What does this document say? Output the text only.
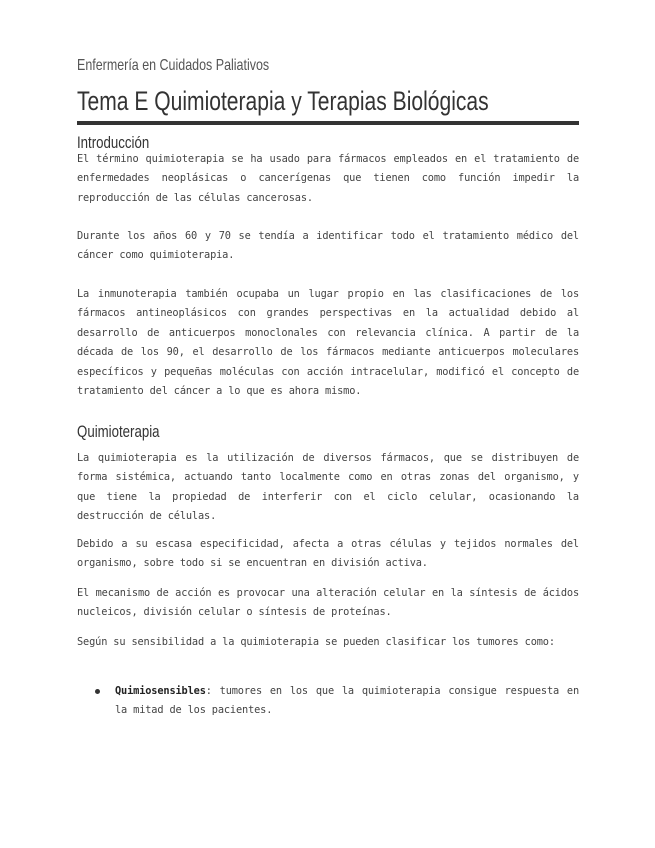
Enfermería en Cuidados Paliativos
Tema E Quimioterapia y Terapias Biológicas
Introducción

El término quimioterapia se ha usado para fármacos empleados en el tratamiento de enfermedades neoplásicas o cancerígenas que tienen como función impedir la reproducción de las células cancerosas.

Durante los años 60 y 70 se tendía a identificar todo el tratamiento médico del cáncer como quimioterapia.

La inmunoterapia también ocupaba un lugar propio en las clasificaciones de los fármacos antineoplásicos con grandes perspectivas en la actualidad debido al desarrollo de anticuerpos monoclonales con relevancia clínica. A partir de la década de los 90, el desarrollo de los fármacos mediante anticuerpos moleculares específicos y pequeñas moléculas con acción intracelular, modificó el concepto de tratamiento del cáncer a lo que es ahora mismo.

Quimioterapia

La quimioterapia es la utilización de diversos fármacos, que se distribuyen de forma sistémica, actuando tanto localmente como en otras zonas del organismo, y que tiene la propiedad de interferir con el ciclo celular, ocasionando la destrucción de células.

Debido a su escasa especificidad, afecta a otras células y tejidos normales del organismo, sobre todo si se encuentran en división activa.

El mecanismo de acción es provocar una alteración celular en la síntesis de ácidos nucleicos, división celular o síntesis de proteínas.

Según su sensibilidad a la quimioterapia se pueden clasificar los tumores como:

Quimiosensibles: tumores en los que la quimioterapia consigue respuesta en la mitad de los pacientes.
